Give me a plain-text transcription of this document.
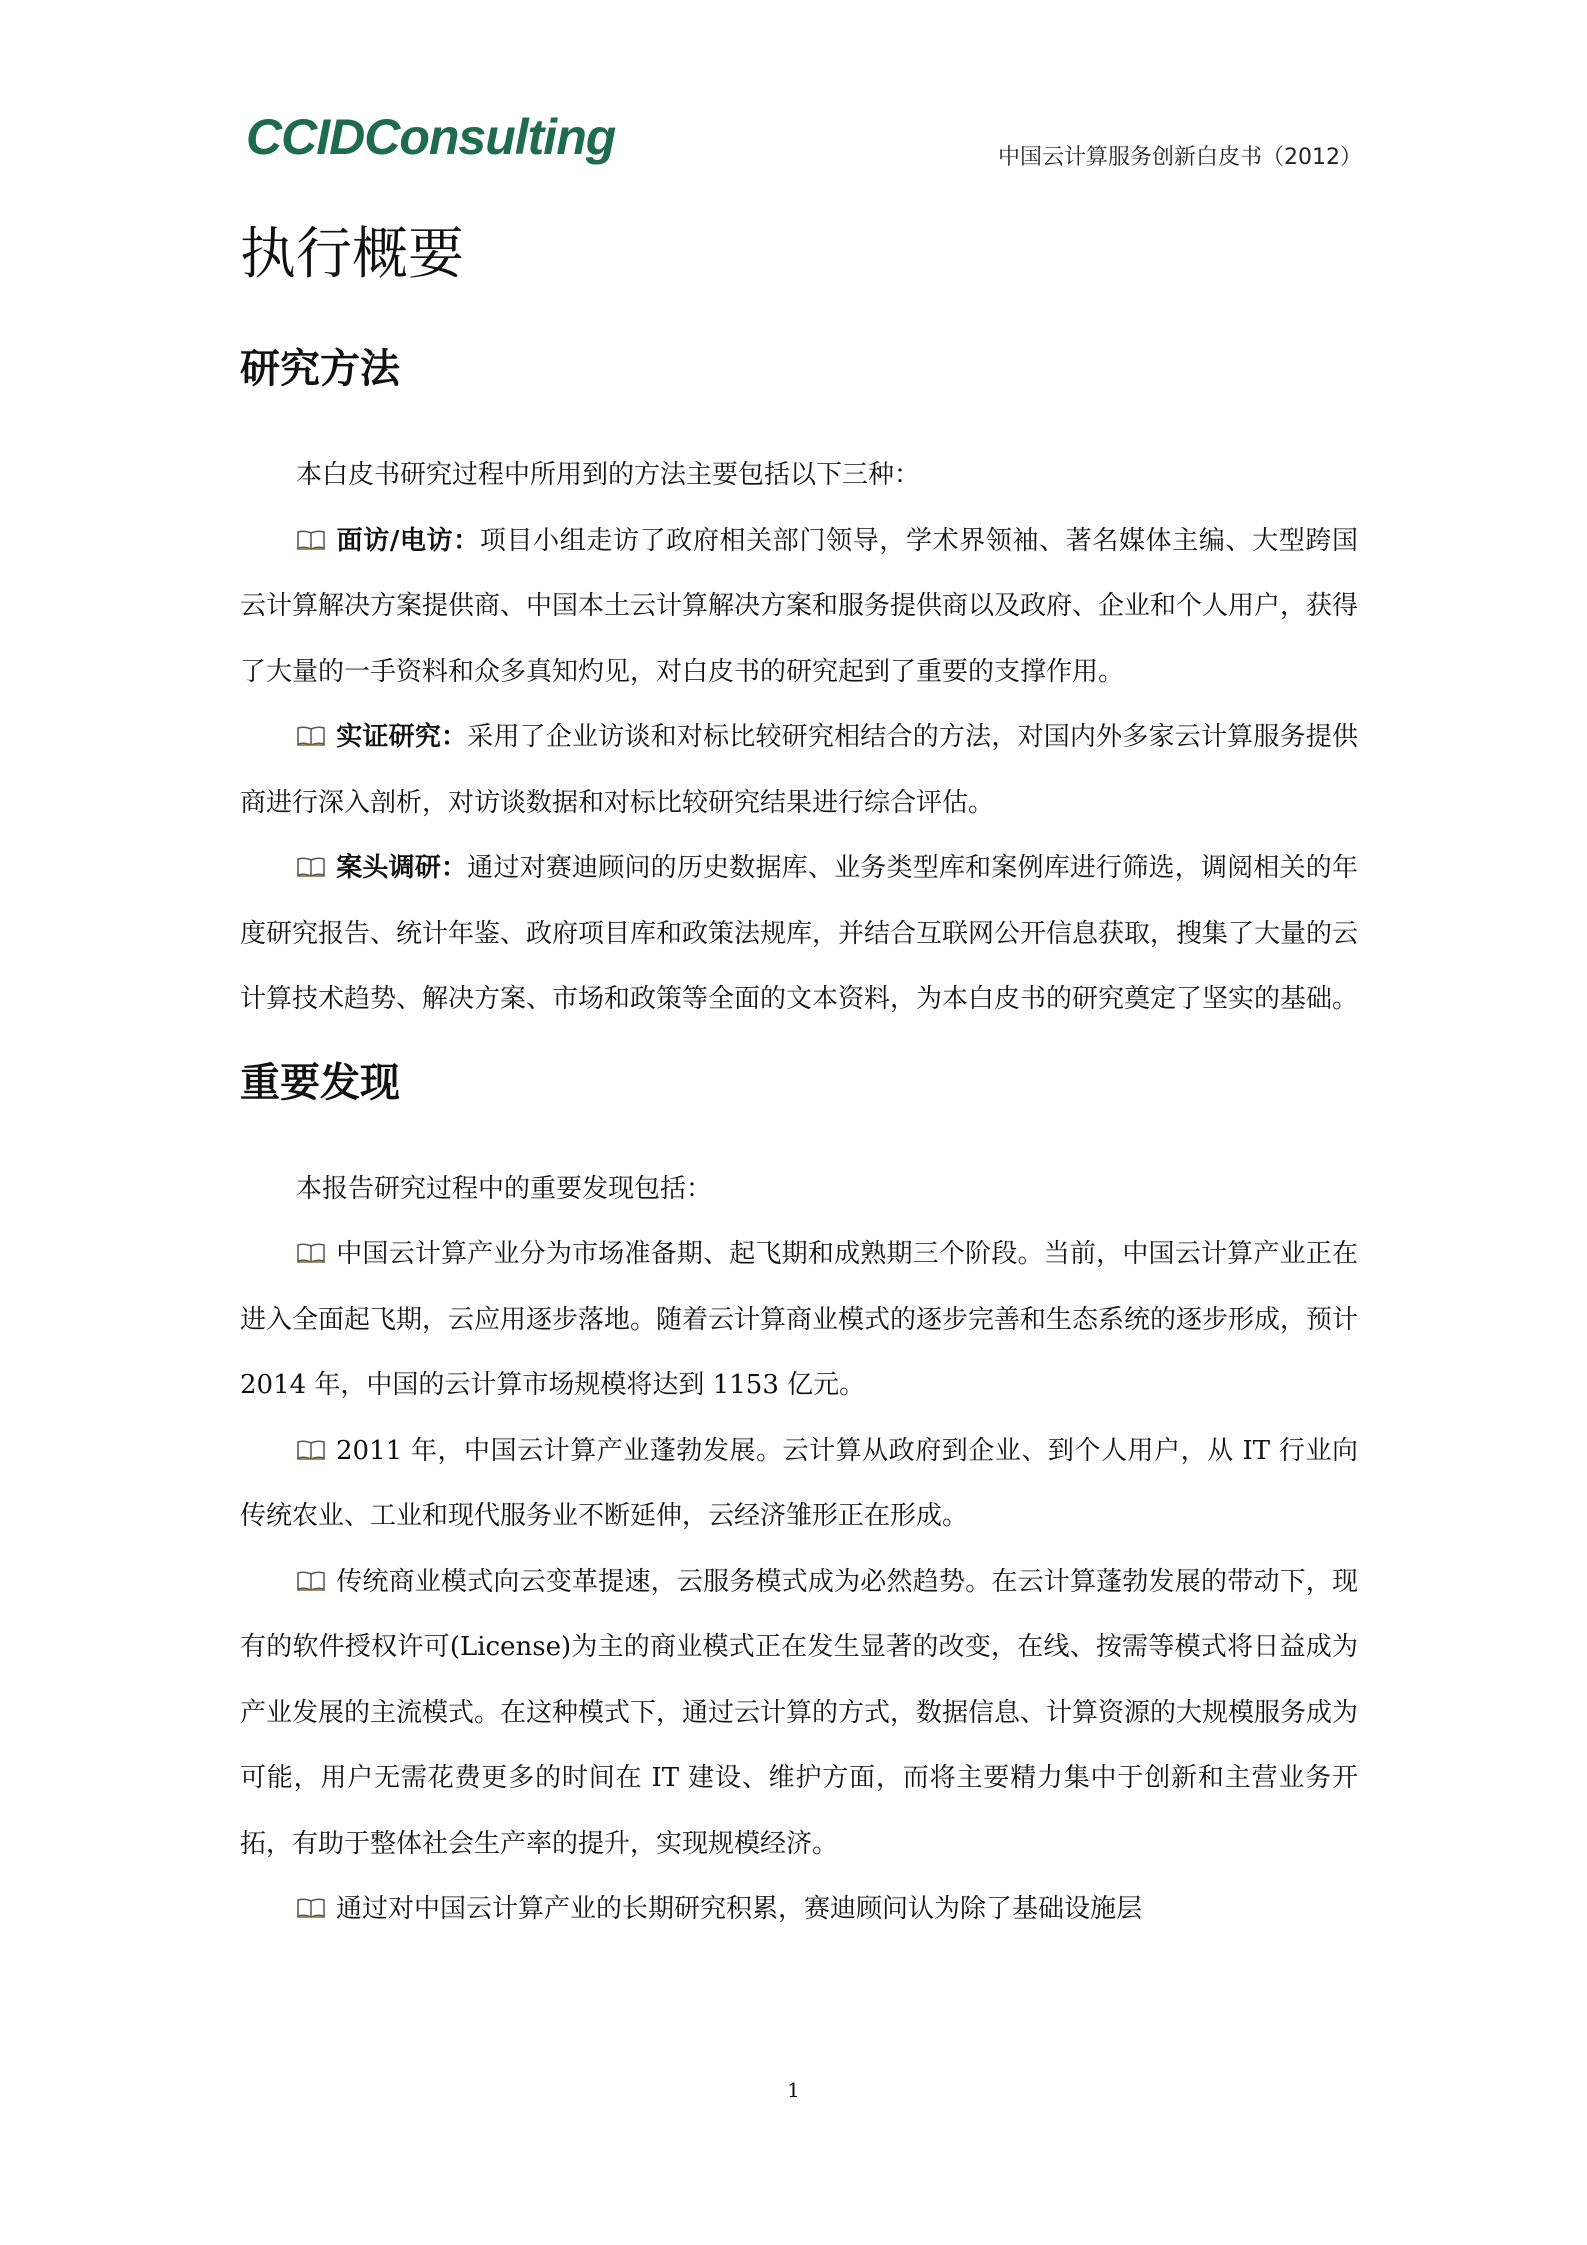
CCIDConsulting	中国云计算服务创新白皮书（2012）
执行概要
研究方法

本白皮书研究过程中所用到的方法主要包括以下三种：

面访/电访：项目小组走访了政府相关部门领导，学术界领袖、著名媒体主编、大型跨国云计算解决方案提供商、中国本土云计算解决方案和服务提供商以及政府、企业和个人用户，获得了大量的一手资料和众多真知灼见，对白皮书的研究起到了重要的支撑作用。

实证研究：采用了企业访谈和对标比较研究相结合的方法，对国内外多家云计算服务提供商进行深入剖析，对访谈数据和对标比较研究结果进行综合评估。

案头调研：通过对赛迪顾问的历史数据库、业务类型库和案例库进行筛选，调阅相关的年度研究报告、统计年鉴、政府项目库和政策法规库，并结合互联网公开信息获取，搜集了大量的云计算技术趋势、解决方案、市场和政策等全面的文本资料，为本白皮书的研究奠定了坚实的基础。

重要发现

本报告研究过程中的重要发现包括：

中国云计算产业分为市场准备期、起飞期和成熟期三个阶段。当前，中国云计算产业正在进入全面起飞期，云应用逐步落地。随着云计算商业模式的逐步完善和生态系统的逐步形成，预计 2014 年，中国的云计算市场规模将达到 1153 亿元。

2011 年，中国云计算产业蓬勃发展。云计算从政府到企业、到个人用户，从 IT 行业向传统农业、工业和现代服务业不断延伸，云经济雏形正在形成。

传统商业模式向云变革提速，云服务模式成为必然趋势。在云计算蓬勃发展的带动下，现有的软件授权许可(License)为主的商业模式正在发生显著的改变，在线、按需等模式将日益成为产业发展的主流模式。在这种模式下，通过云计算的方式，数据信息、计算资源的大规模服务成为可能，用户无需花费更多的时间在 IT 建设、维护方面，而将主要精力集中于创新和主营业务开拓，有助于整体社会生产率的提升，实现规模经济。

通过对中国云计算产业的长期研究积累，赛迪顾问认为除了基础设施层

1
